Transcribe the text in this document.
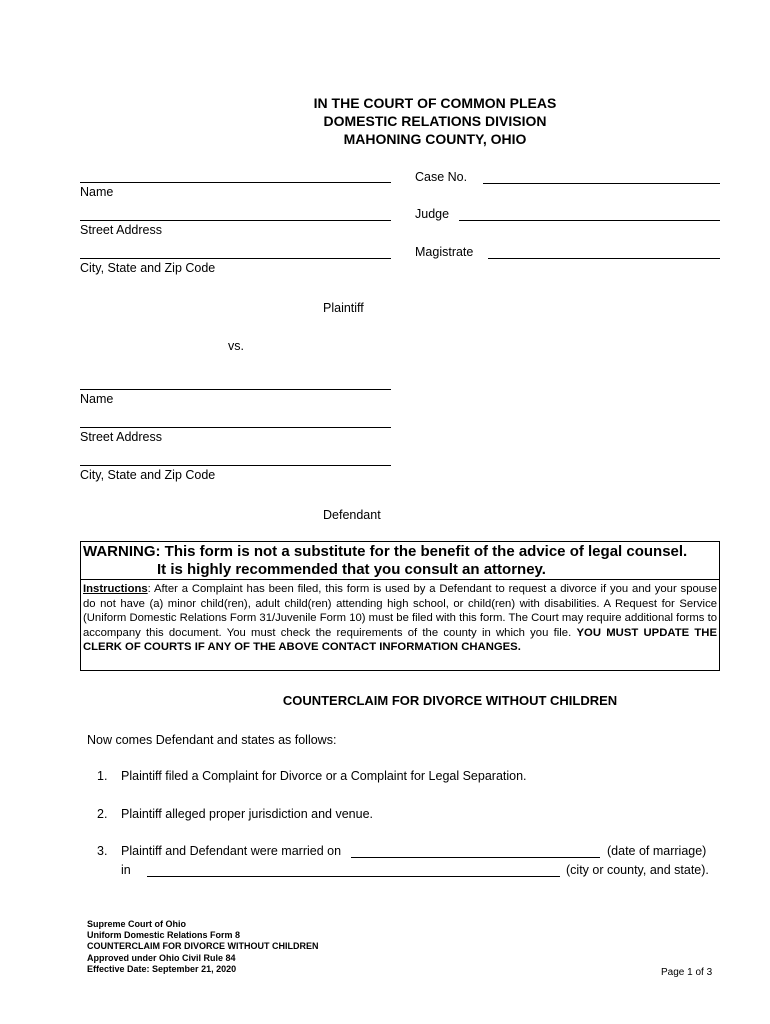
IN THE COURT OF COMMON PLEAS
DOMESTIC RELATIONS DIVISION
MAHONING COUNTY, OHIO
Name
Street Address
City, State and Zip Code
Plaintiff
Case No.
Judge
Magistrate
vs.
Name
Street Address
City, State and Zip Code
Defendant
WARNING: This form is not a substitute for the benefit of the advice of legal counsel.
It is highly recommended that you consult an attorney.
Instructions: After a Complaint has been filed, this form is used by a Defendant to request a divorce if you and your spouse do not have (a) minor child(ren), adult child(ren) attending high school, or child(ren) with disabilities. A Request for Service (Uniform Domestic Relations Form 31/Juvenile Form 10) must be filed with this form. The Court may require additional forms to accompany this document. You must check the requirements of the county in which you file. YOU MUST UPDATE THE CLERK OF COURTS IF ANY OF THE ABOVE CONTACT INFORMATION CHANGES.
COUNTERCLAIM FOR DIVORCE WITHOUT CHILDREN
Now comes Defendant and states as follows:
1. Plaintiff filed a Complaint for Divorce or a Complaint for Legal Separation.
2. Plaintiff alleged proper jurisdiction and venue.
3. Plaintiff and Defendant were married on	(date of marriage)
in	(city or county, and state).
Supreme Court of Ohio
Uniform Domestic Relations Form 8
COUNTERCLAIM FOR DIVORCE WITHOUT CHILDREN
Approved under Ohio Civil Rule 84
Effective Date: September 21, 2020	Page 1 of 3
